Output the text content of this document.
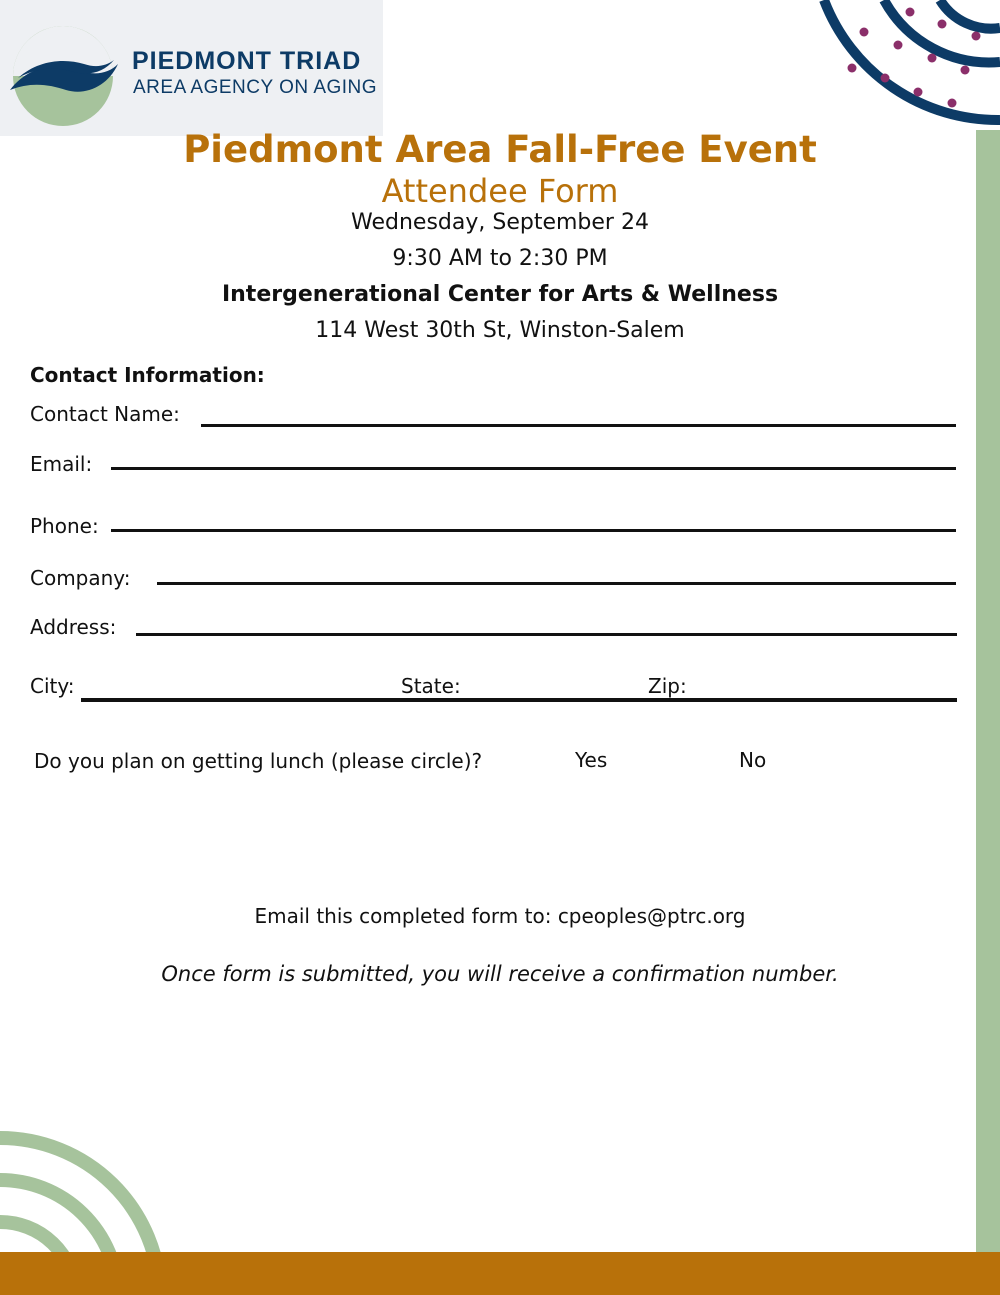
PIEDMONT TRIAD
AREA AGENCY ON AGING
Piedmont Area Fall-Free Event
Attendee Form
Wednesday, September 24
9:30 AM to 2:30 PM
Intergenerational Center for Arts & Wellness
114 West 30th St, Winston-Salem
Contact Information:
Contact Name:
Email:
Phone:
Company:
Address:
City:	State:	Zip:
Do you plan on getting lunch (please circle)?	Yes	No
Email this completed form to: cpeoples@ptrc.org
Once form is submitted, you will receive a confirmation number.
